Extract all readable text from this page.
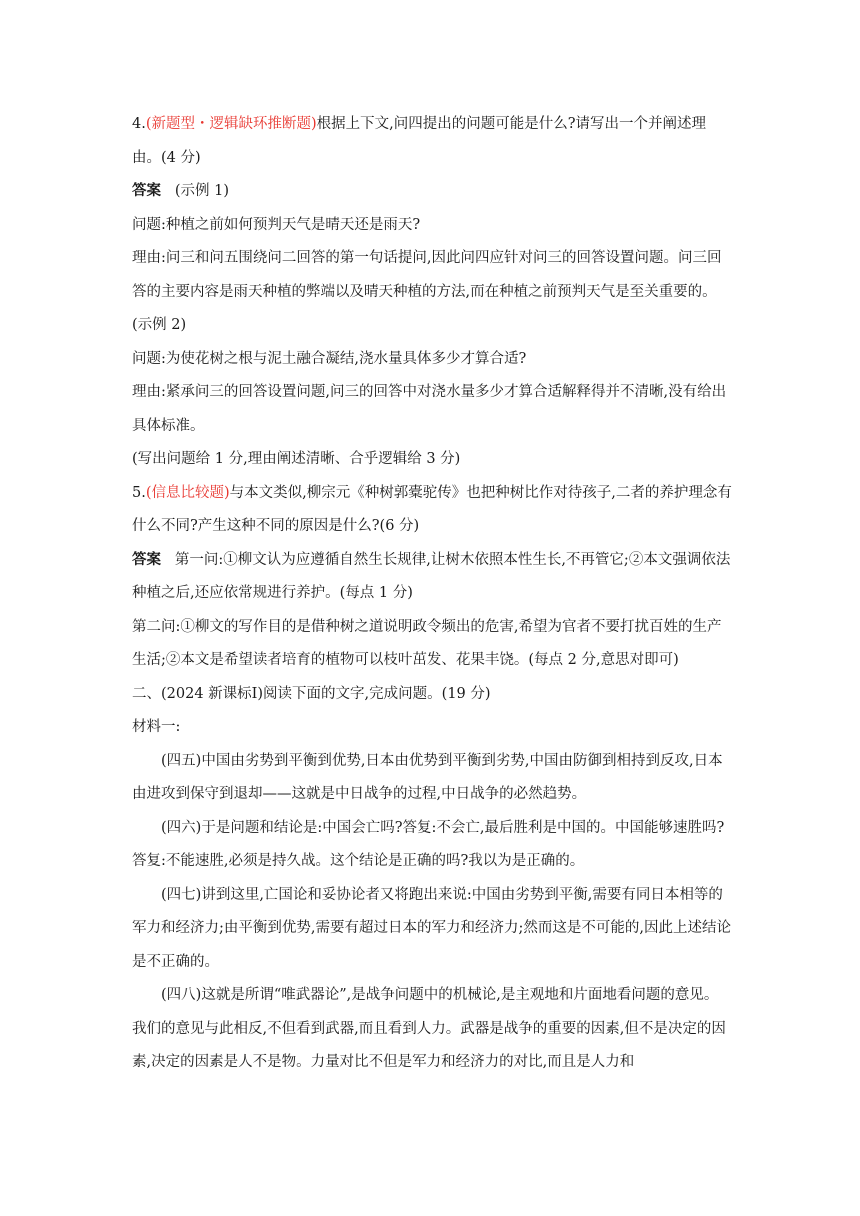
4.(新题型・逻辑缺环推断题)根据上下文,问四提出的问题可能是什么?请写出一个并阐述理由。(4 分)

答案 (示例 1)

问题:种植之前如何预判天气是晴天还是雨天?

理由:问三和问五围绕问二回答的第一句话提问,因此问四应针对问三的回答设置问题。问三回答的主要内容是雨天种植的弊端以及晴天种植的方法,而在种植之前预判天气是至关重要的。

(示例 2)

问题:为使花树之根与泥土融合凝结,浇水量具体多少才算合适?

理由:紧承问三的回答设置问题,问三的回答中对浇水量多少才算合适解释得并不清晰,没有给出具体标准。

(写出问题给 1 分,理由阐述清晰、合乎逻辑给 3 分)

5.(信息比较题)与本文类似,柳宗元《种树郭橐驼传》也把种树比作对待孩子,二者的养护理念有什么不同?产生这种不同的原因是什么?(6 分)

答案 第一问:①柳文认为应遵循自然生长规律,让树木依照本性生长,不再管它;②本文强调依法种植之后,还应依常规进行养护。(每点 1 分)

第二问:①柳文的写作目的是借种树之道说明政令频出的危害,希望为官者不要打扰百姓的生产生活;②本文是希望读者培育的植物可以枝叶茁发、花果丰饶。(每点 2 分,意思对即可)

二、(2024 新课标Ⅰ)阅读下面的文字,完成问题。(19 分)

材料一:

(四五)中国由劣势到平衡到优势,日本由优势到平衡到劣势,中国由防御到相持到反攻,日本由进攻到保守到退却——这就是中日战争的过程,中日战争的必然趋势。

(四六)于是问题和结论是:中国会亡吗?答复:不会亡,最后胜利是中国的。中国能够速胜吗?答复:不能速胜,必须是持久战。这个结论是正确的吗?我以为是正确的。

(四七)讲到这里,亡国论和妥协论者又将跑出来说:中国由劣势到平衡,需要有同日本相等的军力和经济力;由平衡到优势,需要有超过日本的军力和经济力;然而这是不可能的,因此上述结论是不正确的。

(四八)这就是所谓“唯武器论”,是战争问题中的机械论,是主观地和片面地看问题的意见。我们的意见与此相反,不但看到武器,而且看到人力。武器是战争的重要的因素,但不是决定的因素,决定的因素是人不是物。力量对比不但是军力和经济力的对比,而且是人力和
